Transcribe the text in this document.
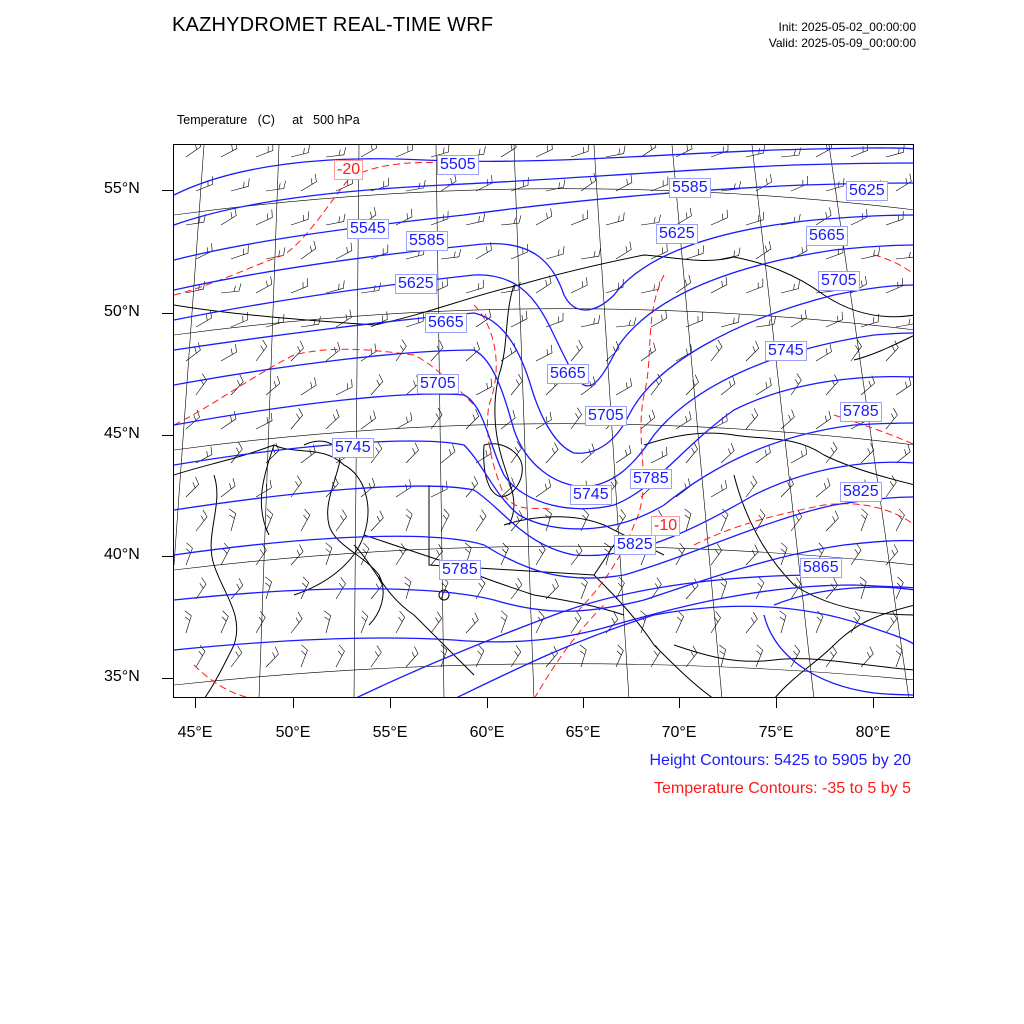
KAZHYDROMET REAL-TIME WRF	Init: 2025-05-02_00:00:00
Valid: 2025-05-09_00:00:00

Temperature   (C)     at   500 hPa

55°N
50°N
45°N
40°N
35°N
45°E	50°E	55°E	60°E	65°E	70°E	75°E	80°E
5505
5545
5585
5625
5665
5705
5745
5665
5705
5585
5625	5665
5705
5745
5785
5785
5745
5825
5785
5825
5865
5625
-20
-10
Height Contours: 5425 to 5905 by 20
Temperature Contours: -35 to 5 by 5
